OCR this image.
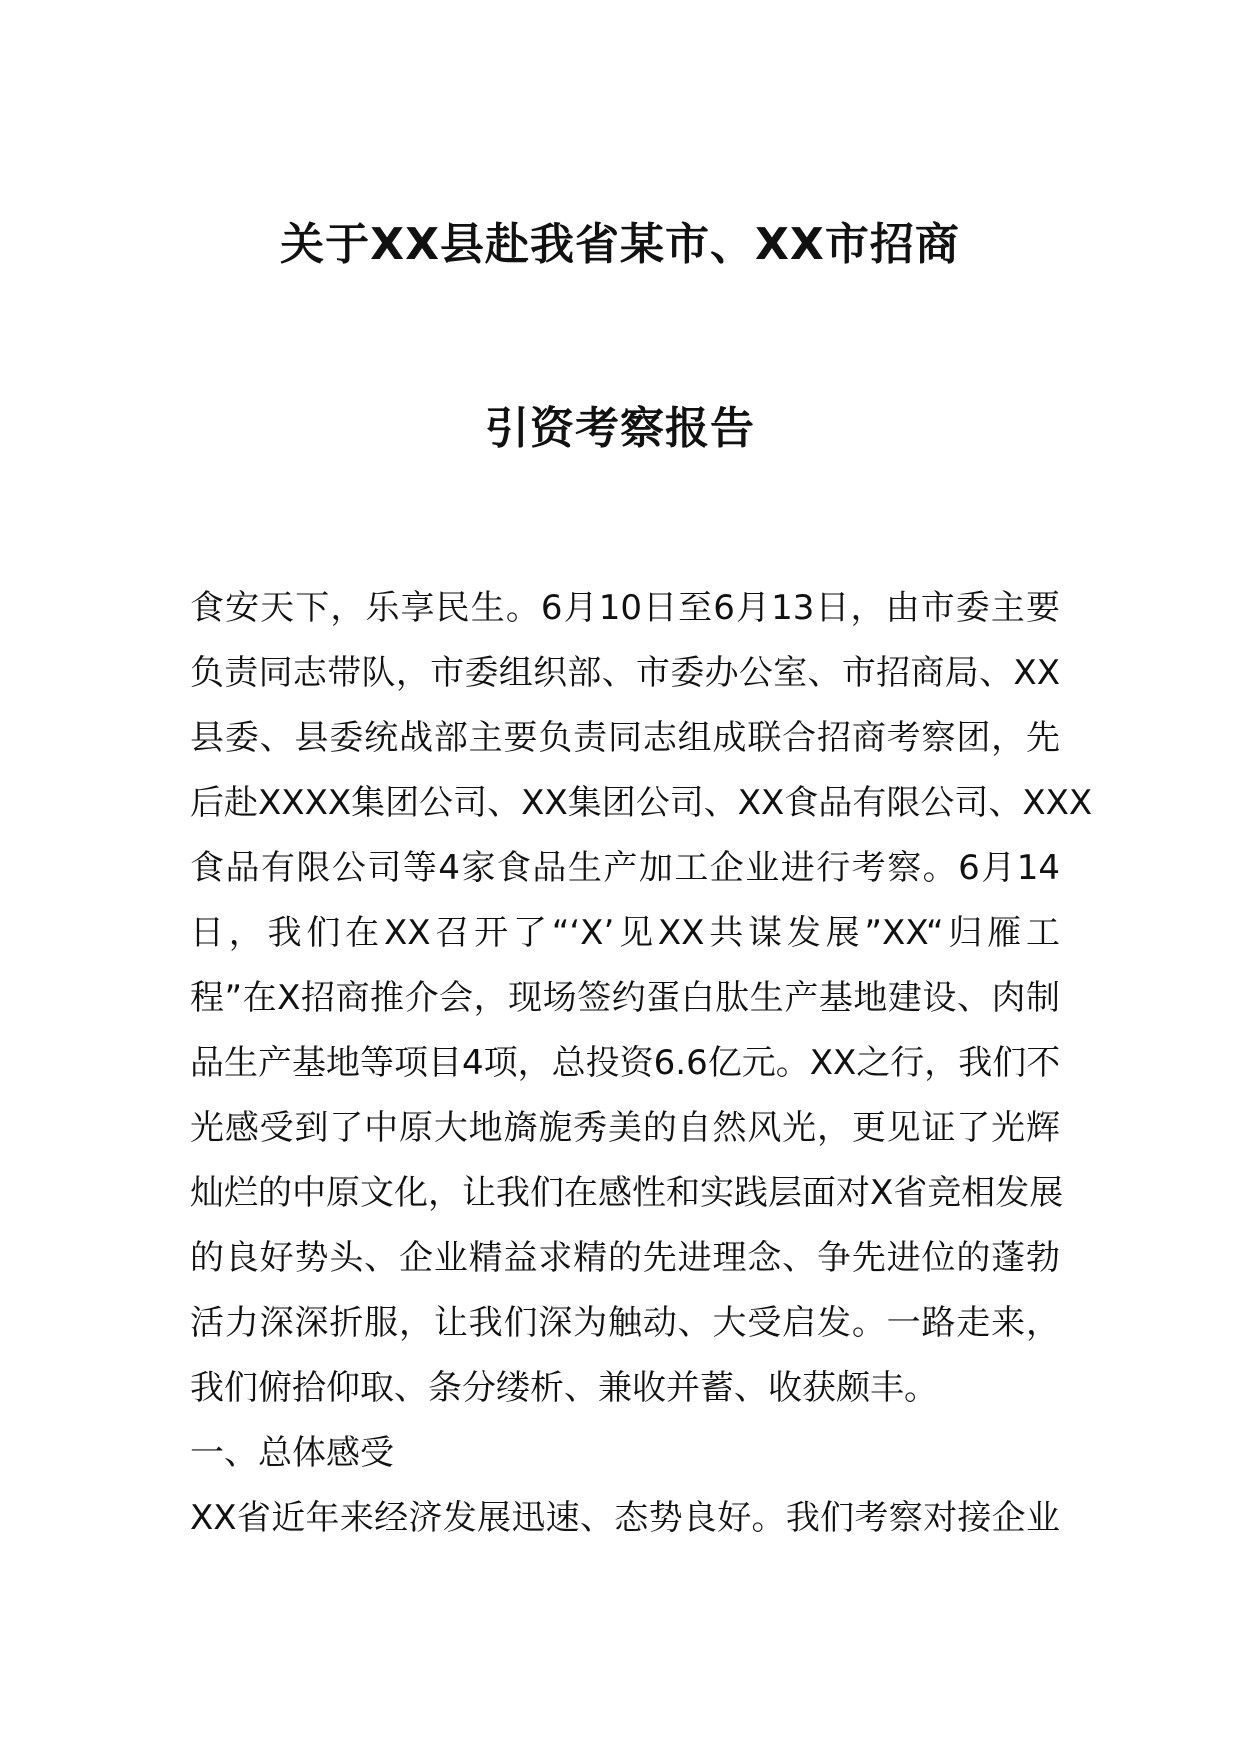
关于XX县赴我省某市、XX市招商
引资考察报告
食安天下，乐享民生。6月10日至6月13日，由市委主要
负责同志带队，市委组织部、市委办公室、市招商局、XX
县委、县委统战部主要负责同志组成联合招商考察团，先
后赴XXXX集团公司、XX集团公司、XX食品有限公司、XXX
食品有限公司等4家食品生产加工企业进行考察。6月14
日，我们在XX召开了“‘X’见XX共谋发展”XX“归雁工
程”在X招商推介会，现场签约蛋白肽生产基地建设、肉制
品生产基地等项目4项，总投资6.6亿元。XX之行，我们不
光感受到了中原大地旖旎秀美的自然风光，更见证了光辉
灿烂的中原文化，让我们在感性和实践层面对X省竞相发展
的良好势头、企业精益求精的先进理念、争先进位的蓬勃
活力深深折服，让我们深为触动、大受启发。一路走来，
我们俯拾仰取、条分缕析、兼收并蓄、收获颇丰。
一、总体感受
XX省近年来经济发展迅速、态势良好。我们考察对接企业
